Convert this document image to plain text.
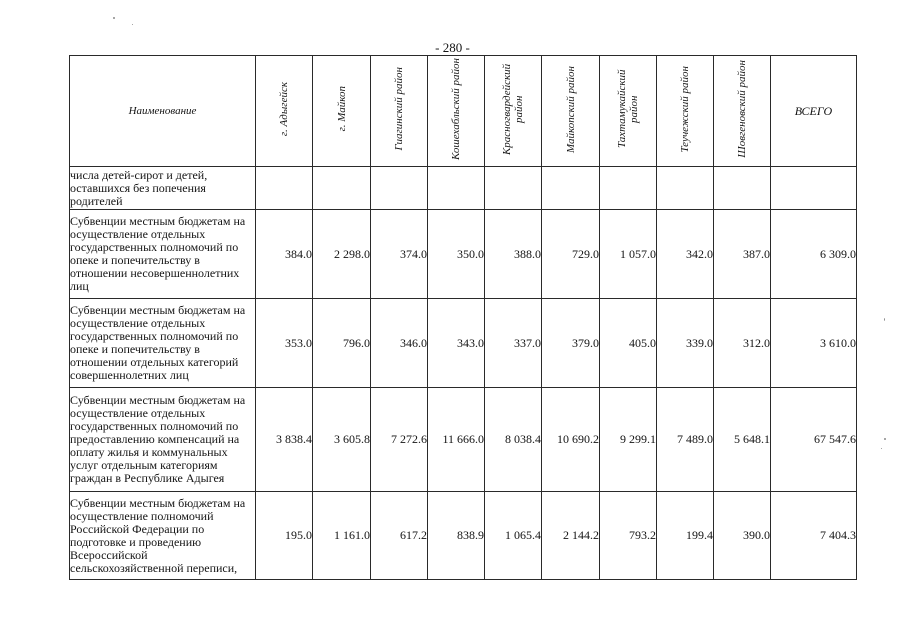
- 280 -
Наименование	г. Адыгейск	г. Майкоп	Гиагинский район	Кошехабльский район	Красногвардейский район	Майкопский район	Тахтамукайский район	Теучежский район	Шовгеновский район	ВСЕГО
числа детей-сирот и детей, оставшихся без попечения родителей										
Субвенции местным бюджетам на осуществление отдельных государственных полномочий по опеке и попечительству в отношении несовершеннолетних лиц	384.0	2 298.0	374.0	350.0	388.0	729.0	1 057.0	342.0	387.0	6 309.0
Субвенции местным бюджетам на осуществление отдельных государственных полномочий по опеке и попечительству в отношении отдельных категорий совершеннолетних лиц	353.0	796.0	346.0	343.0	337.0	379.0	405.0	339.0	312.0	3 610.0
Субвенции местным бюджетам на осуществление отдельных государственных полномочий по предоставлению компенсаций на оплату жилья и коммунальных услуг отдельным категориям граждан в Республике Адыгея	3 838.4	3 605.8	7 272.6	11 666.0	8 038.4	10 690.2	9 299.1	7 489.0	5 648.1	67 547.6
Субвенции местным бюджетам на осуществление полномочий Российской Федерации по подготовке и проведению Всероссийской сельскохозяйственной переписи,	195.0	1 161.0	617.2	838.9	1 065.4	2 144.2	793.2	199.4	390.0	7 404.3
